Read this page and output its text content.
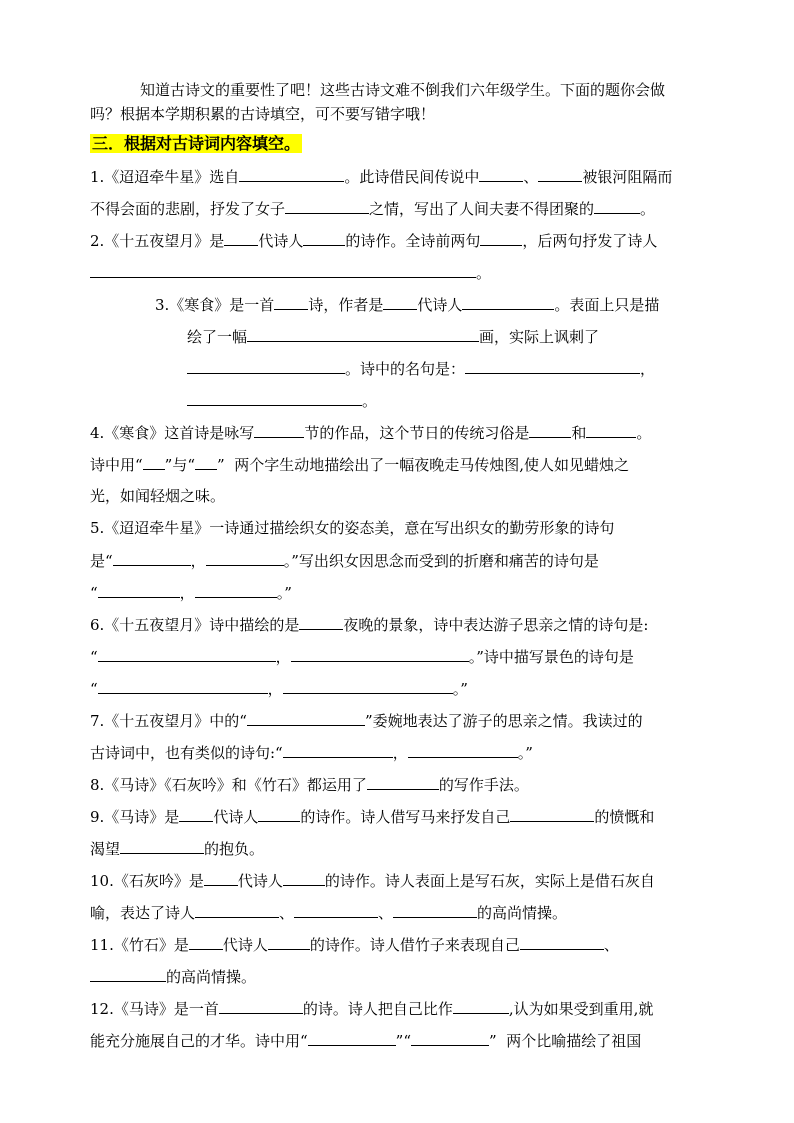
知道古诗文的重要性了吧！这些古诗文难不倒我们六年级学生。下面的题你会做
吗？根据本学期积累的古诗填空，可不要写错字哦！
三．根据对古诗词内容填空。
1.《迢迢牵牛星》选自	。此诗借民间传说中	、	被银河阻隔而
不得会面的悲剧，抒发了女子	之情，写出了人间夫妻不得团聚的	。
2.《十五夜望月》是 代诗人	的诗作。全诗前两句	，后两句抒发了诗人
。
3.《寒食》是一首 诗，作者是 代诗人	。表面上只是描
绘了一幅	画，实际上讽刺了
。诗中的名句是：	，
。
4.《寒食》这首诗是咏写	节的作品，这个节日的传统习俗是	和	。
诗中用“ ”与“ ”  两个字生动地描绘出了一幅夜晚走马传烛图,使人如见蜡烛之
光，如闻轻烟之味。
5.《迢迢牵牛星》一诗通过描绘织女的姿态美，意在写出织女的勤劳形象的诗句
是“	，	。”写出织女因思念而受到的折磨和痛苦的诗句是
“	，	。”
6.《十五夜望月》诗中描绘的是	夜晚的景象，诗中表达游子思亲之情的诗句是:
“	，	。”诗中描写景色的诗句是
“	，	。”
7.《十五夜望月》中的“	”委婉地表达了游子的思亲之情。我读过的
古诗词中，也有类似的诗句:“	，	。”
8.《马诗》《石灰吟》和《竹石》都运用了	的写作手法。
9.《马诗》是 代诗人	的诗作。诗人借写马来抒发自己	的愤慨和
渴望	的抱负。
10.《石灰吟》是 代诗人	的诗作。诗人表面上是写石灰，实际上是借石灰自
喻，表达了诗人	、	、	的高尚情操。
11.《竹石》是 代诗人	的诗作。诗人借竹子来表现自己	、
的高尚情操。
12.《马诗》是一首	的诗。诗人把自己比作	,认为如果受到重用,就
能充分施展自己的才华。诗中用“	”“	”  两个比喻描绘了祖国
